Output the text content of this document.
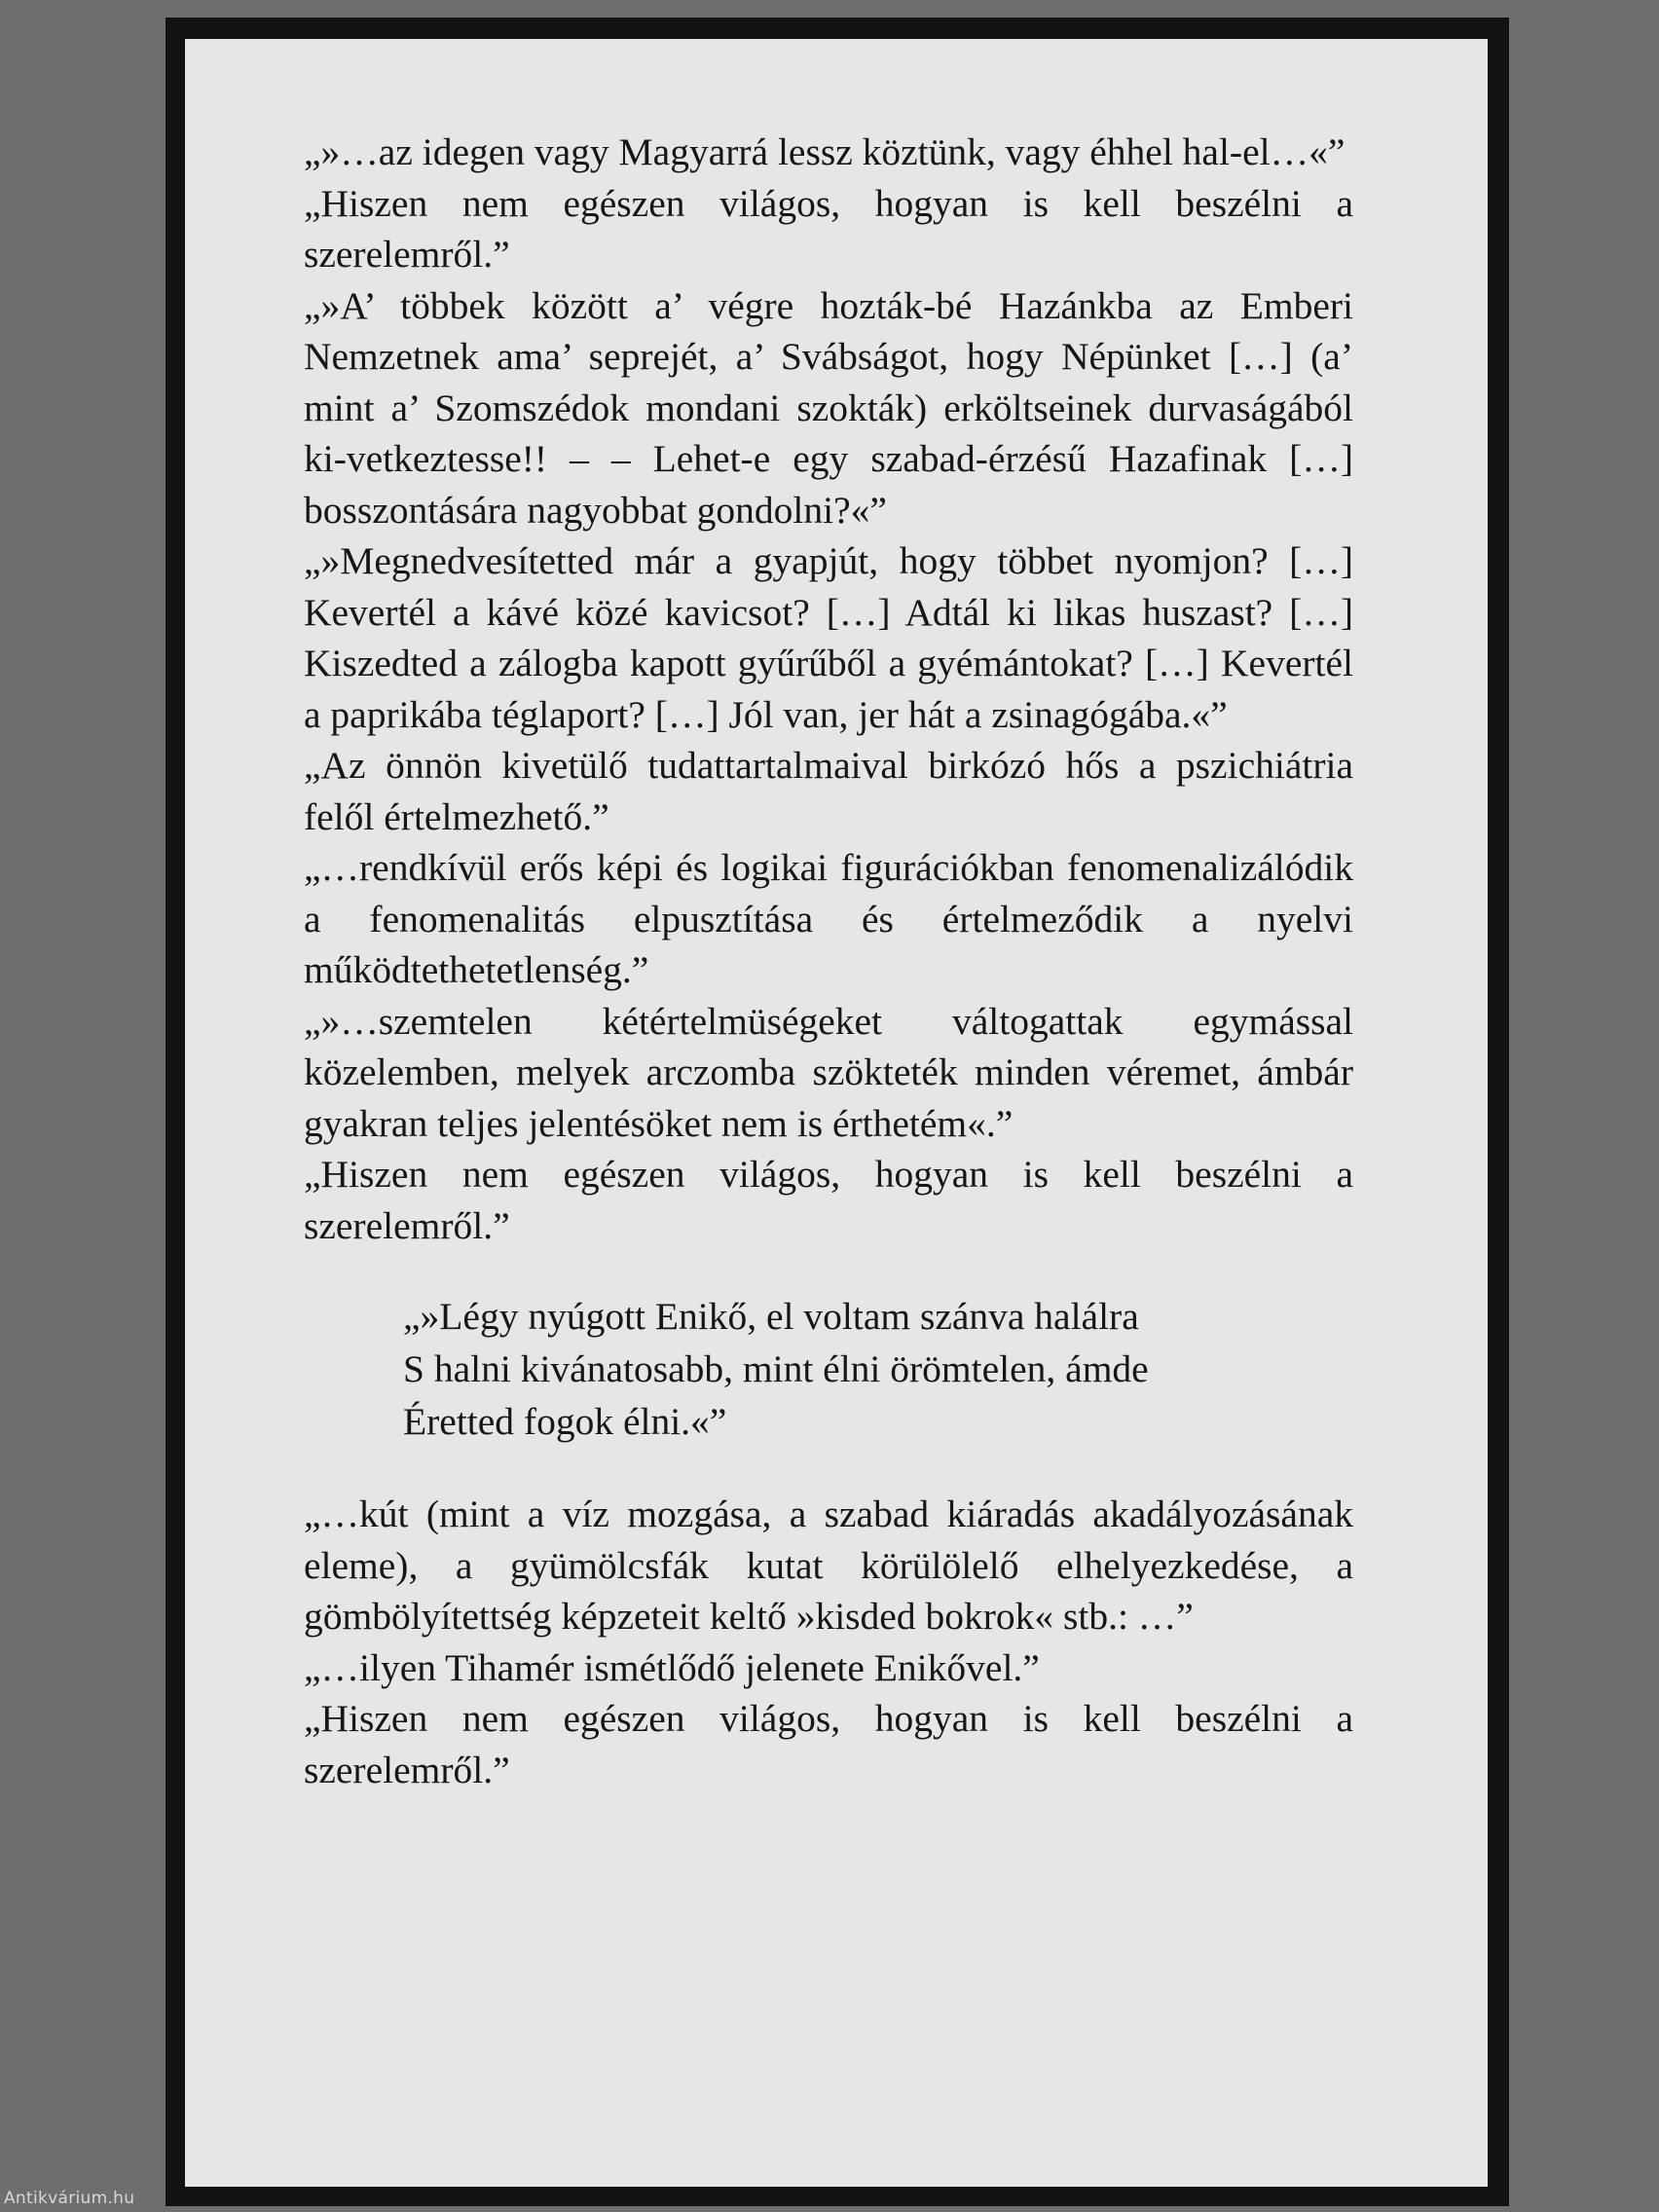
„»…az idegen vagy Magyarrá lessz köztünk, vagy éhhel hal-el…«”

„Hiszen nem egészen világos, hogyan is kell beszélni a szerelemről.”

„»A’ többek között a’ végre hozták-bé Hazánkba az Emberi Nemzetnek ama’ seprejét, a’ Svábságot, hogy Népünket […] (a’ mint a’ Szomszédok mondani szokták) erköltseinek durvaságából ki-vetkeztesse!! – – Lehet-e egy szabad-érzésű Hazafinak […] bosszontására nagyobbat gondolni?«”

„»Megnedvesítetted már a gyapjút, hogy többet nyomjon? […] Kevertél a kávé közé kavicsot? […] Adtál ki likas huszast? […] Kiszedted a zálogba kapott gyűrűből a gyémántokat? […] Kevertél a paprikába téglaport? […] Jól van, jer hát a zsinagógába.«”

„Az önnön kivetülő tudattartalmaival birkózó hős a pszichiátria felől értelmezhető.”

„…rendkívül erős képi és logikai figurációkban fenomenalizálódik a fenomenalitás elpusztítása és értelmeződik a nyelvi működtethetetlenség.”

„»…szemtelen kétértelmüségeket váltogattak egymással közelemben, melyek arczomba szökteték minden véremet, ámbár gyakran teljes jelentésöket nem is érthetém«.”

„Hiszen nem egészen világos, hogyan is kell beszélni a szerelemről.”

„»Légy nyúgott Enikő, el voltam szánva halálra
S halni kivánatosabb, mint élni örömtelen, ámde
Éretted fogok élni.«”

„…kút (mint a víz mozgása, a szabad kiáradás akadályozásának eleme), a gyümölcsfák kutat körülölelő elhelyezkedése, a gömbölyítettség képzeteit keltő »kisded bokrok« stb.: …”

„…ilyen Tihamér ismétlődő jelenete Enikővel.”

„Hiszen nem egészen világos, hogyan is kell beszélni a szerelemről.”

Antikvárium.hu
